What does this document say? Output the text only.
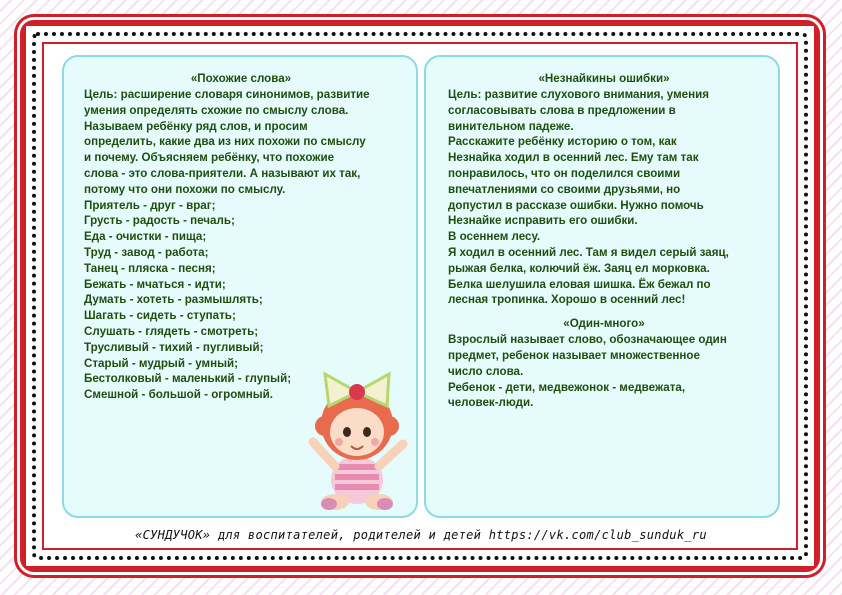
«Похожие слова»

Цель: расширение словаря синонимов, развитие

умения определять схожие по смыслу слова.

Называем ребёнку ряд слов, и просим

определить, какие два из них похожи по смыслу

и почему. Объясняем ребёнку, что похожие

слова - это слова-приятели. А называют их так,

потому что они похожи по смыслу.

Приятель - друг - враг;

Грусть - радость - печаль;

Еда - очистки - пища;

Труд - завод - работа;

Танец - пляска - песня;

Бежать - мчаться - идти;

Думать - хотеть - размышлять;

Шагать - сидеть - ступать;

Слушать - глядеть - смотреть;

Трусливый - тихий - пугливый;

Старый - мудрый - умный;

Бестолковый - маленький - глупый;

Смешной - большой - огромный.

«Незнайкины ошибки»

Цель: развитие слухового внимания, умения

согласовывать слова в предложении в

винительном падеже.

Расскажите ребёнку историю о том, как

Незнайка ходил в осенний лес. Ему там так

понравилось, что он поделился своими

впечатлениями со своими друзьями, но

допустил в рассказе ошибки. Нужно помочь

Незнайке исправить его ошибки.

В осеннем лесу.

Я ходил в осенний лес. Там я видел серый заяц,

рыжая белка, колючий ёж. Заяц ел морковка.

Белка шелушила еловая шишка. Ёж бежал по

лесная тропинка. Хорошо в осенний лес!

«Один-много»

Взрослый называет слово, обозначающее один

предмет, ребенок называет множественное

число слова.

Ребенок - дети, медвежонок - медвежата,

человек-люди.

«СУНДУЧОК» для воспитателей, родителей и детей https://vk.com/club_sunduk_ru
